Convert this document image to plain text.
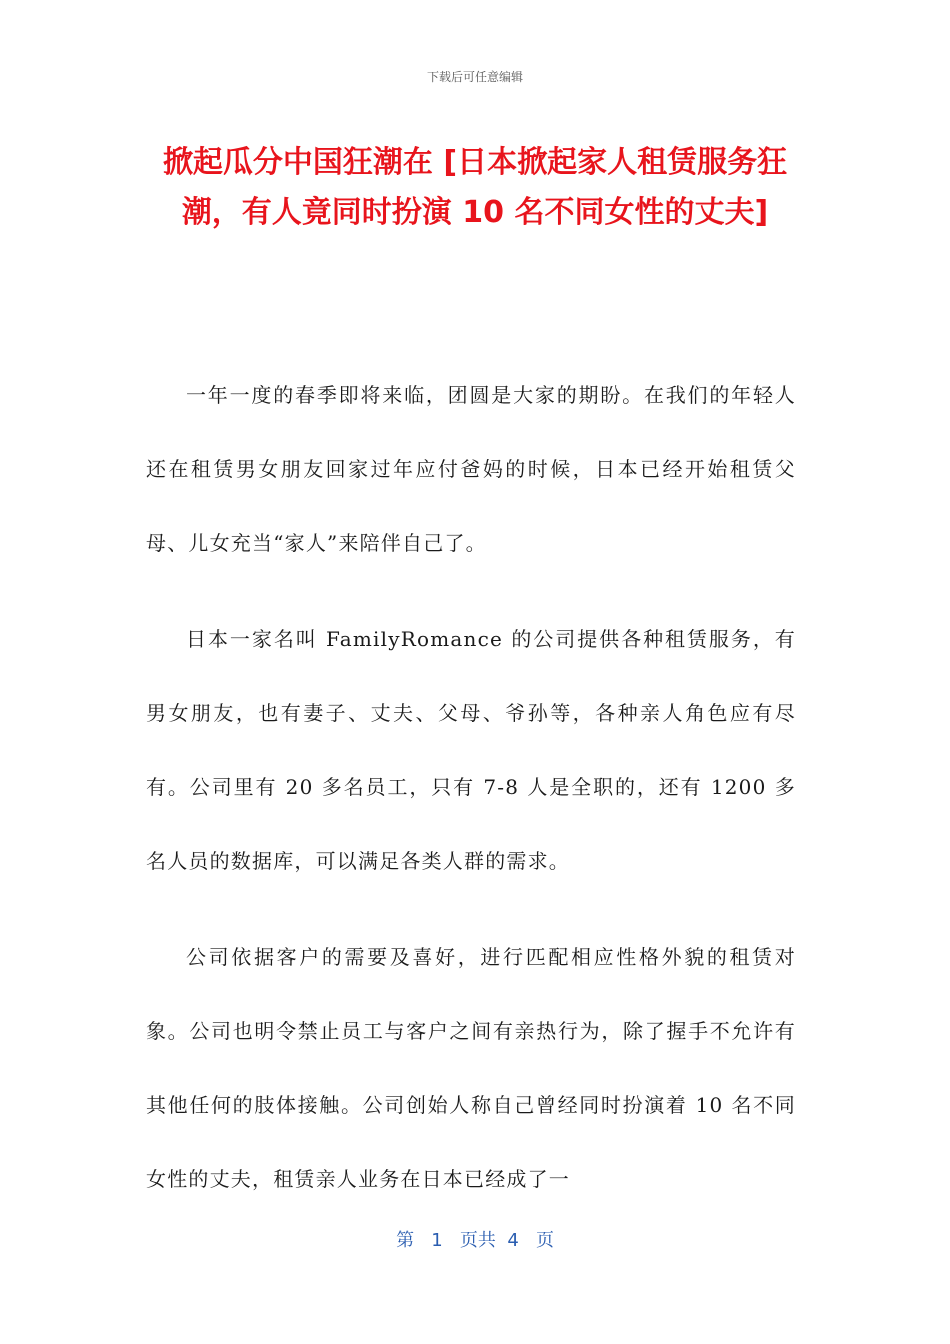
下载后可任意编辑
掀起瓜分中国狂潮在 [日本掀起家人租赁服务狂潮，有人竟同时扮演 10 名不同女性的丈夫]

一年一度的春季即将来临，团圆是大家的期盼。在我们的年轻人还在租赁男女朋友回家过年应付爸妈的时候，日本已经开始租赁父母、儿女充当“家人”来陪伴自己了。

日本一家名叫 FamilyRomance 的公司提供各种租赁服务，有男女朋友，也有妻子、丈夫、父母、爷孙等，各种亲人角色应有尽有。公司里有 20 多名员工，只有 7-8 人是全职的，还有 1200 多名人员的数据库，可以满足各类人群的需求。

公司依据客户的需要及喜好，进行匹配相应性格外貌的租赁对象。公司也明令禁止员工与客户之间有亲热行为，除了握手不允许有其他任何的肢体接触。公司创始人称自己曾经同时扮演着 10 名不同女性的丈夫，租赁亲人业务在日本已经成了一

第 1 页共 4 页
